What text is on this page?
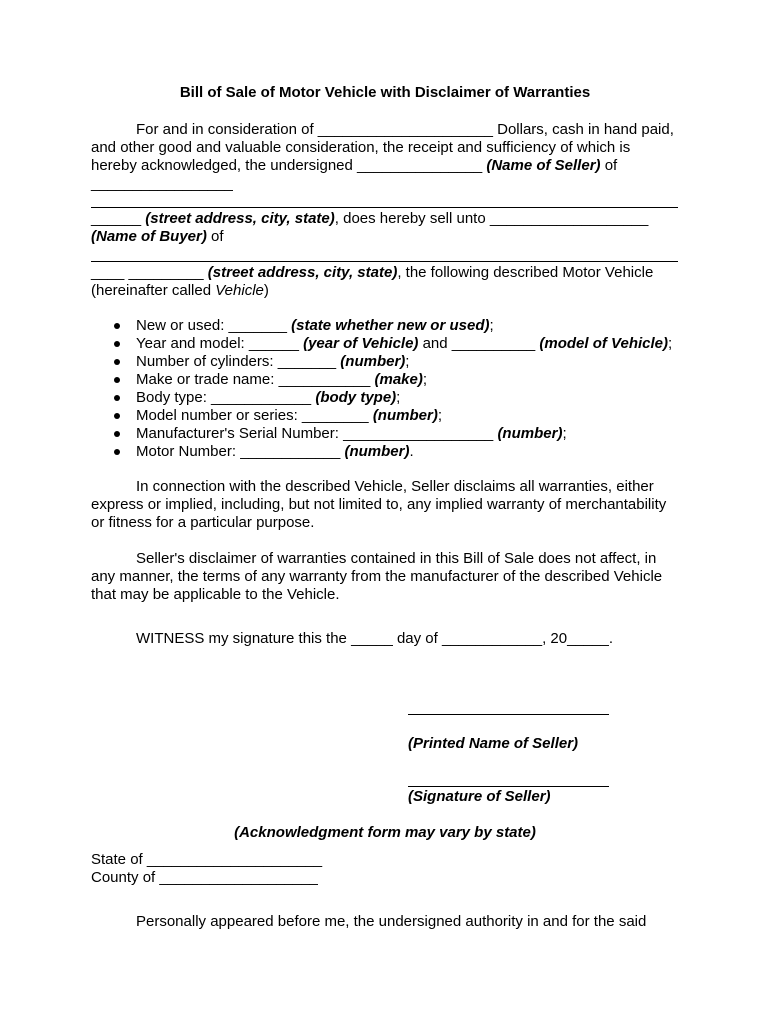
Bill of Sale of Motor Vehicle with Disclaimer of Warranties
For and in consideration of _____________________ Dollars, cash in hand paid,
and other good and valuable consideration, the receipt and sufficiency of which is
hereby acknowledged, the undersigned _______________ (Name of Seller) of
_________________
______ (street address, city, state), does hereby sell unto ___________________
(Name of Buyer) of
____ _________ (street address, city, state), the following described Motor Vehicle
(hereinafter called Vehicle)
New or used: _______ (state whether new or used);
Year and model: ______ (year of Vehicle) and __________ (model of Vehicle);
Number of cylinders: _______ (number);
Make or trade name: ___________ (make);
Body type: ____________ (body type);
Model number or series: ________ (number);
Manufacturer's Serial Number: __________________ (number);
Motor Number: ____________ (number).
In connection with the described Vehicle, Seller disclaims all warranties, either
express or implied, including, but not limited to, any implied warranty of merchantability
or fitness for a particular purpose.
Seller's disclaimer of warranties contained in this Bill of Sale does not affect, in
any manner, the terms of any warranty from the manufacturer of the described Vehicle
that may be applicable to the Vehicle.
WITNESS my signature this the _____ day of ____________, 20_____.
(Printed Name of Seller)
(Signature of Seller)
(Acknowledgment form may vary by state)
State of _____________________
County of ___________________
Personally appeared before me, the undersigned authority in and for the said
